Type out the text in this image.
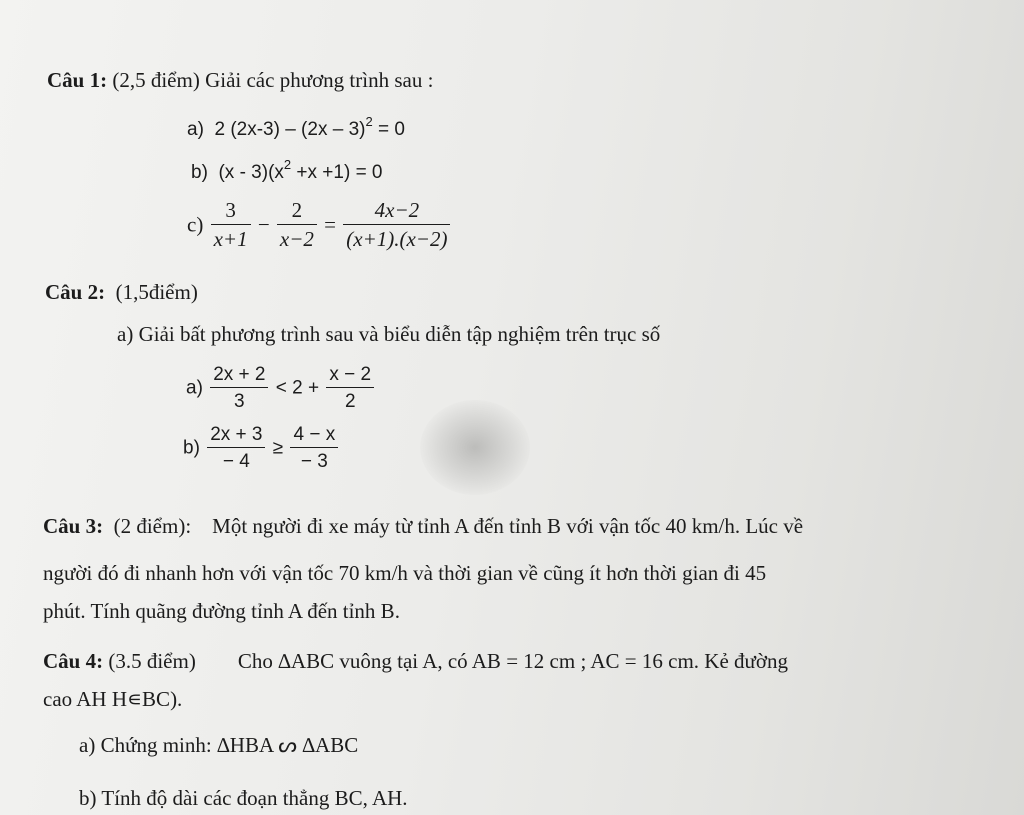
Câu 1: (2,5 điểm) Giải các phương trình sau :
a) 2 (2x-3) – (2x – 3)$^2$ = 0
b) $(x - 3)(x^2 +x +1) = 0$
$c) \frac{3}{x+1} - \frac{2}{x-2} = \frac{4x-2}{(x+1).(x-2)}$
Câu 2: (1,5điểm)
a) Giải bất phương trình sau và biểu diễn tập nghiệm trên trục số
$a) \frac{2x + 2}{3} < 2 + \frac{x - 2}{2}$
$b) \frac{2x + 3}{- 4} \ge \frac{4 - x}{- 3}$
Câu 3: (2 điểm): Một người đi xe máy từ tỉnh A đến tỉnh B với vận tốc 40 km/h. Lúc về
người đó đi nhanh hơn với vận tốc 70 km/h và thời gian về cũng ít hơn thời gian đi 45
phút. Tính quãng đường tỉnh A đến tỉnh B.
Câu 4: (3.5 điểm) Cho ∆ABC vuông tại A, có AB = 12 cm ; AC = 16 cm. Kẻ đường
cao AH H∊BC).
a) Chứng minh: ∆HBA ᔕ ∆ABC
b) Tính độ dài các đoạn thẳng BC, AH.
